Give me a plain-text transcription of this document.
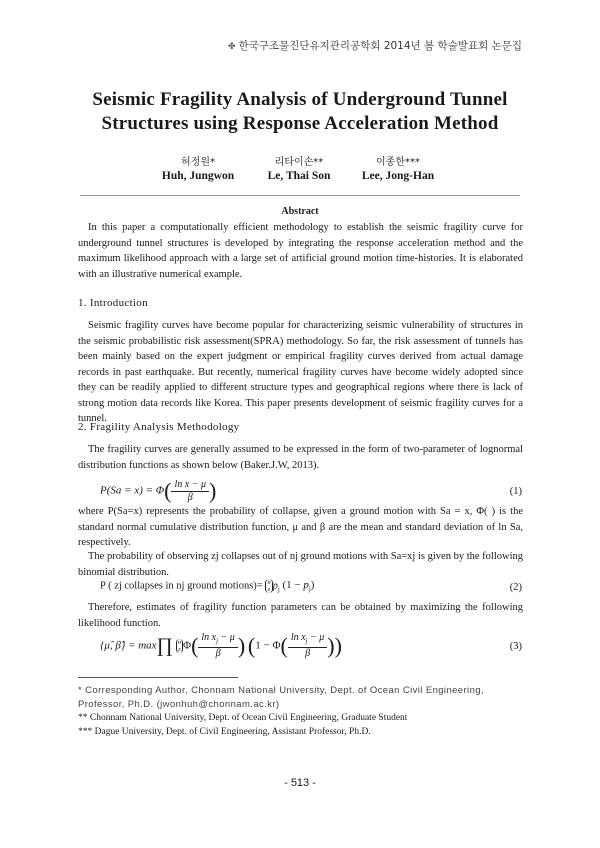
✤ 한국구조물진단유지관리공학회 2014년 봄 학술발표회 논문집
Seismic Fragility Analysis of Underground Tunnel
Structures using Response Acceleration Method
허정원*
Huh, Jungwon
리타이손**
Le, Thai Son
이종한***
Lee, Jong-Han
Abstract
In this paper a computationally efficient methodology to establish the seismic fragility curve for underground tunnel structures is developed by integrating the response acceleration method and the maximum likelihood approach with a large set of artificial ground motion time-histories. It is elaborated with an illustrative numerical example.
1. Introduction
Seismic fragility curves have become popular for characterizing seismic vulnerability of structures in the seismic probabilistic risk assessment(SPRA) methodology. So far, the risk assessment of tunnels has been mainly based on the expert judgment or empirical fragility curves derived from actual damage records in past earthquake. But recently, numerical fragility curves have become widely adopted since they can be readily applied to different structure types and geographical regions where there is lack of strong motion data records like Korea. This paper presents development of seismic fragility curves for a tunnel.
2. Fragility Analysis Methodology
The fragility curves are generally assumed to be expressed in the form of two-parameter of lognormal distribution functions as shown below (Baker.J.W, 2013).
$P(Sa = x) = \Phi( \frac{\text{ln x − μ}}{\beta}$ )	(1)
where P(Sa=x) represents the probability of collapse, given a ground motion with Sa = x, Φ( ) is the standard normal cumulative distribution function, μ and β are the mean and standard deviation of ln Sa, respectively.
The probability of observing zj collapses out of nj ground motions with Sa=xj is given by the following binomial distribution.
P ( zj collapses in nj ground motions)= n
z $p_j$ $(1 - p_j)$	(2)
Therefore, estimates of fragility function parameters can be obtained by maximizing the following likelihood function.
{μ̂, β̂} = max∏ n
z $\Phi( \frac{\ln x_j - \mu}{\beta}$ ) ($1 - \Phi( \frac{\ln x_j - \mu}{\beta}$ ))	(3)
* Corresponding Author, Chonnam National University, Dept. of Ocean Civil Engineering, Professor, Ph.D. (jwonhuh@chonnam.ac.kr)
** Chonnam National University, Dept. of Ocean Civil Engineering, Graduate Student
*** Dague University, Dept. of Civil Engineering, Assistant Professor, Ph.D.
- 513 -
